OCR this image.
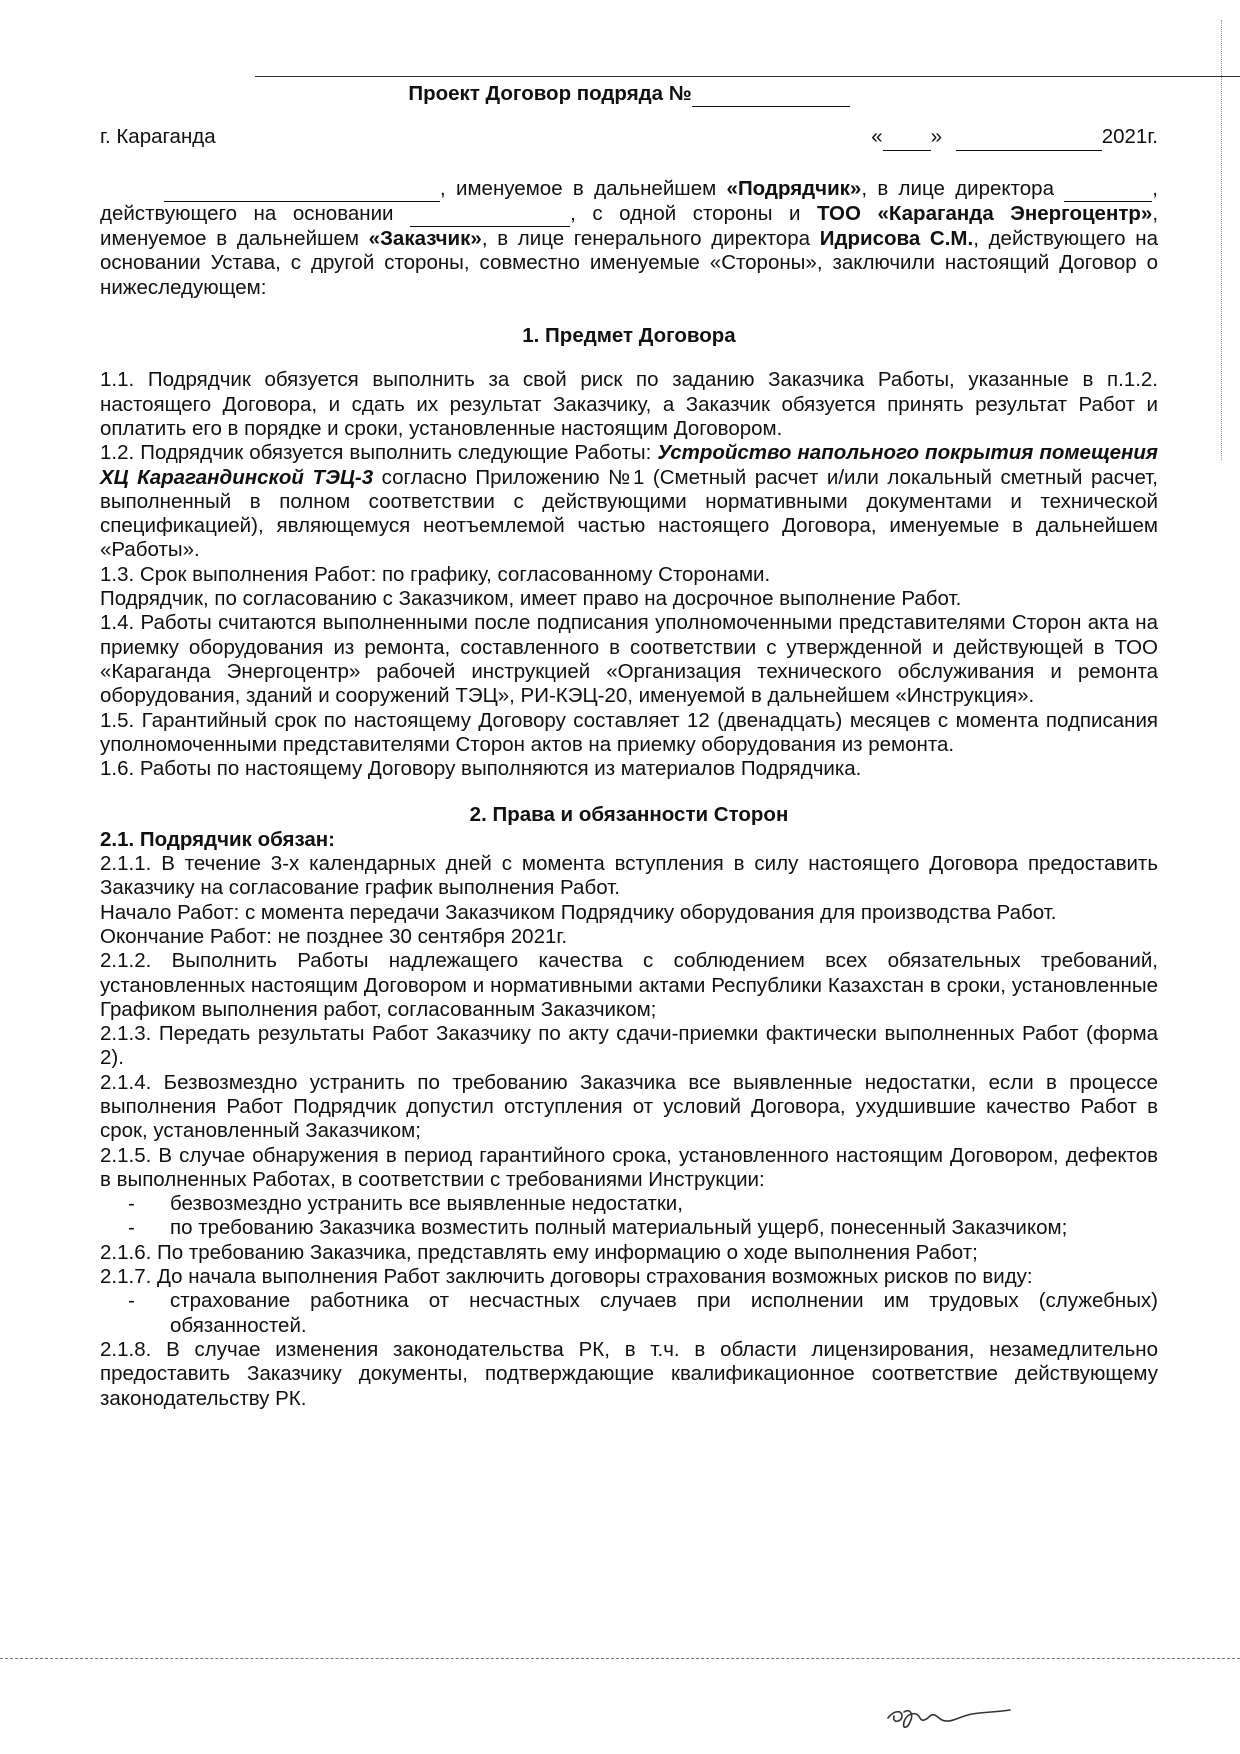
Проект Договор подряда №
г. Караганда	« »	2021г.

, именуемое в дальнейшем «Подрядчик», в лице директора	, действующего на основании	, с одной стороны и ТОО «Караганда Энергоцентр», именуемое в дальнейшем «Заказчик», в лице генерального директора Идрисова С.М., действующего на основании Устава, с другой стороны, совместно именуемые «Стороны», заключили настоящий Договор о нижеследующем:

1. Предмет Договора

1.1. Подрядчик обязуется выполнить за свой риск по заданию Заказчика Работы, указанные в п.1.2. настоящего Договора, и сдать их результат Заказчику, а Заказчик обязуется принять результат Работ и оплатить его в порядке и сроки, установленные настоящим Договором.

1.2. Подрядчик обязуется выполнить следующие Работы: Устройство напольного покрытия помещения ХЦ Карагандинской ТЭЦ-3 согласно Приложению №1 (Сметный расчет и/или локальный сметный расчет, выполненный в полном соответствии с действующими нормативными документами и технической спецификацией), являющемуся неотъемлемой частью настоящего Договора, именуемые в дальнейшем «Работы».

1.3. Срок выполнения Работ: по графику, согласованному Сторонами.

Подрядчик, по согласованию с Заказчиком, имеет право на досрочное выполнение Работ.

1.4. Работы считаются выполненными после подписания уполномоченными представителями Сторон акта на приемку оборудования из ремонта, составленного в соответствии с утвержденной и действующей в ТОО «Караганда Энергоцентр» рабочей инструкцией «Организация технического обслуживания и ремонта оборудования, зданий и сооружений ТЭЦ», РИ-КЭЦ-20, именуемой в дальнейшем «Инструкция».

1.5. Гарантийный срок по настоящему Договору составляет 12 (двенадцать) месяцев с момента подписания уполномоченными представителями Сторон актов на приемку оборудования из ремонта.

1.6. Работы по настоящему Договору выполняются из материалов Подрядчика.

2. Права и обязанности Сторон

2.1. Подрядчик обязан:

2.1.1. В течение 3-х календарных дней с момента вступления в силу настоящего Договора предоставить Заказчику на согласование график выполнения Работ.

Начало Работ: с момента передачи Заказчиком Подрядчику оборудования для производства Работ.

Окончание Работ: не позднее 30 сентября 2021г.

2.1.2. Выполнить Работы надлежащего качества с соблюдением всех обязательных требований, установленных настоящим Договором и нормативными актами Республики Казахстан в сроки, установленные Графиком выполнения работ, согласованным Заказчиком;

2.1.3. Передать результаты Работ Заказчику по акту сдачи-приемки фактически выполненных Работ (форма 2).

2.1.4. Безвозмездно устранить по требованию Заказчика все выявленные недостатки, если в процессе выполнения Работ Подрядчик допустил отступления от условий Договора, ухудшившие качество Работ в срок, установленный Заказчиком;

2.1.5. В случае обнаружения в период гарантийного срока, установленного настоящим Договором, дефектов в выполненных Работах, в соответствии с требованиями Инструкции:

-	безвозмездно устранить все выявленные недостатки,
-	по требованию Заказчика возместить полный материальный ущерб, понесенный Заказчиком;

2.1.6. По требованию Заказчика, представлять ему информацию о ходе выполнения Работ;

2.1.7. До начала выполнения Работ заключить договоры страхования возможных рисков по виду:

-	страхование работника от несчастных случаев при исполнении им трудовых (служебных) обязанностей.

2.1.8. В случае изменения законодательства РК, в т.ч. в области лицензирования, незамедлительно предоставить Заказчику документы, подтверждающие квалификационное соответствие действующему законодательству РК.
